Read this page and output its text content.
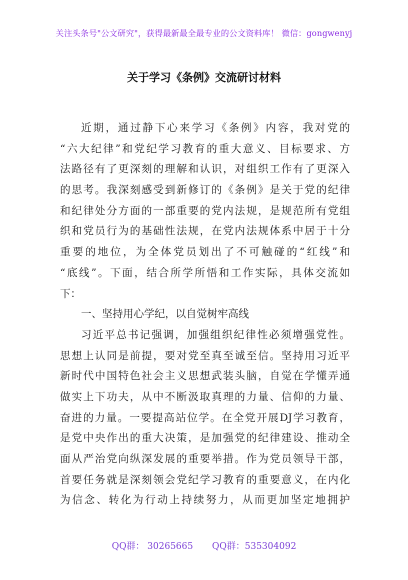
关注头条号"公文研究"，获得最新最全最专业的公文资料库！ 微信：gongwenyj
关于学习《条例》交流研讨材料
近期，通过静下心来学习《条例》内容，我对党的
“六大纪律”和党纪学习教育的重大意义、目标要求、方
法路径有了更深刻的理解和认识，对组织工作有了更深入
的思考。我深刻感受到新修订的《条例》是关于党的纪律
和纪律处分方面的一部重要的党内法规，是规范所有党组
织和党员行为的基础性法规，在党内法规体系中居于十分
重要的地位，为全体党员划出了不可触碰的“红线”和
“底线”。下面，结合所学所悟和工作实际，具体交流如
下：
一、坚持用心学纪，以自觉树牢高线
习近平总书记强调，加强组织纪律性必须增强党性。
思想上认同是前提，要对党至真至诚至信。坚持用习近平
新时代中国特色社会主义思想武装头脑，自觉在学懂弄通
做实上下功夫，从中不断汲取真理的力量、信仰的力量、
奋进的力量。一要提高站位学。在全党开展DJ学习教育，
是党中央作出的重大决策，是加强党的纪律建设、推动全
面从严治党向纵深发展的重要举措。作为党员领导干部，
首要任务就是深刻领会党纪学习教育的重要意义，在内化
为信念、转化为行动上持续努力，从而更加坚定地拥护
QQ群： 30265665 QQ群：535304092
